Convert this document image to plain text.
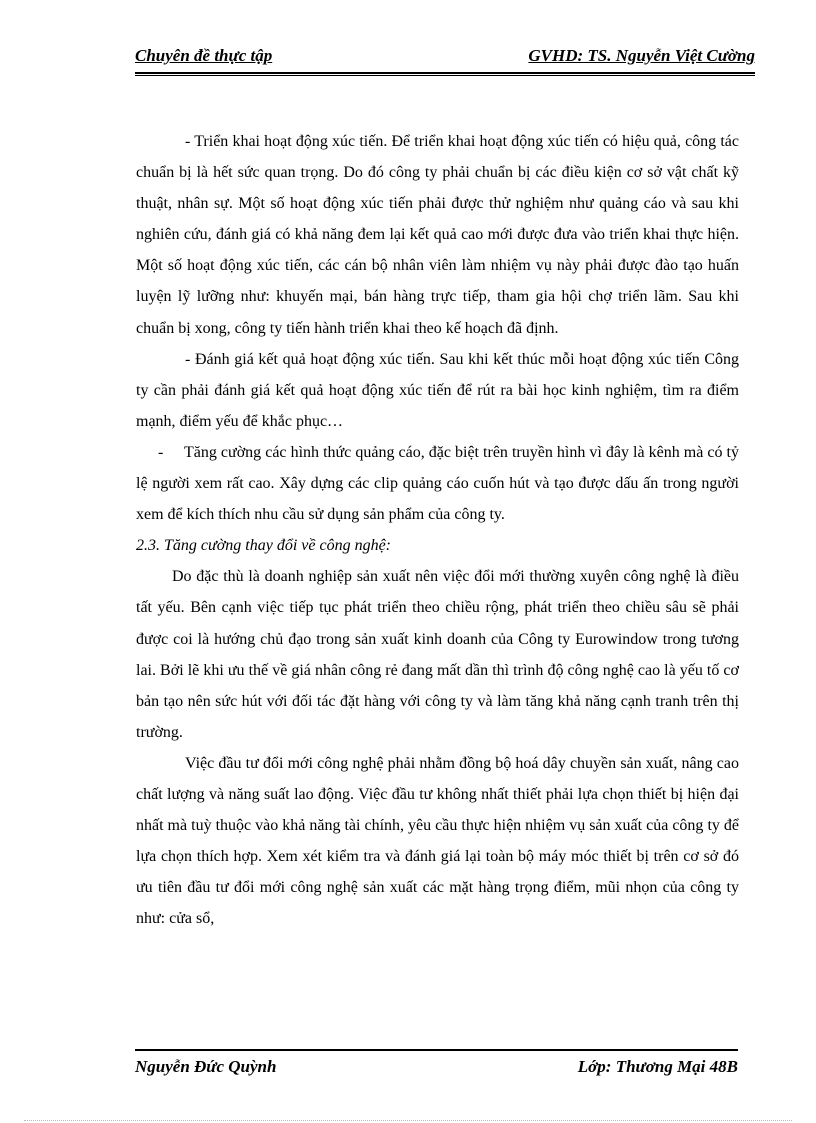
Chuyên đề thực tập	GVHD: TS. Nguyễn Việt Cường

- Triển khai hoạt động xúc tiến. Để triển khai hoạt động xúc tiến có hiệu quả, công tác chuẩn bị là hết sức quan trọng. Do đó công ty phải chuẩn bị các điều kiện cơ sở vật chất kỹ thuật, nhân sự. Một số hoạt động xúc tiến phải được thử nghiệm như quảng cáo và sau khi nghiên cứu, đánh giá có khả năng đem lại kết quả cao mới được đưa vào triển khai thực hiện. Một số hoạt động xúc tiến, các cán bộ nhân viên làm nhiệm vụ này phải được đào tạo huấn luyện lỹ lưỡng như: khuyến mại, bán hàng trực tiếp, tham gia hội chợ triển lãm. Sau khi chuẩn bị xong, công ty tiến hành triển khai theo kế hoạch đã định.

- Đánh giá kết quả hoạt động xúc tiến. Sau khi kết thúc mỗi hoạt động xúc tiến Công ty cần phải đánh giá kết quả hoạt động xúc tiến để rút ra bài học kinh nghiệm, tìm ra điểm mạnh, điểm yếu để khắc phục…

- Tăng cường các hình thức quảng cáo, đặc biệt trên truyền hình vì đây là kênh mà có tỷ lệ người xem rất cao. Xây dựng các clip quảng cáo cuốn hút và tạo được dấu ấn trong người xem để kích thích nhu cầu sử dụng sản phẩm của công ty.

2.3. Tăng cường thay đổi về công nghệ:

Do đặc thù là doanh nghiệp sản xuất nên việc đổi mới thường xuyên công nghệ là điều tất yếu. Bên cạnh việc tiếp tục phát triển theo chiều rộng, phát triển theo chiều sâu sẽ phải được coi là hướng chủ đạo trong sản xuất kinh doanh của Công ty Eurowindow trong tương lai. Bởi lẽ khi ưu thế về giá nhân công rẻ đang mất dần thì trình độ công nghệ cao là yếu tố cơ bản tạo nên sức hút với đối tác đặt hàng với công ty và làm tăng khả năng cạnh tranh trên thị trường.

Việc đầu tư đổi mới công nghệ phải nhằm đồng bộ hoá dây chuyền sản xuất, nâng cao chất lượng và năng suất lao động. Việc đầu tư không nhất thiết phải lựa chọn thiết bị hiện đại nhất mà tuỳ thuộc vào khả năng tài chính, yêu cầu thực hiện nhiệm vụ sản xuất của công ty để lựa chọn thích hợp. Xem xét kiểm tra và đánh giá lại toàn bộ máy móc thiết bị trên cơ sở đó ưu tiên đầu tư đổi mới công nghệ sản xuất các mặt hàng trọng điểm, mũi nhọn của công ty như: cửa sổ,

Nguyễn Đức Quỳnh	Lớp: Thương Mại 48B
